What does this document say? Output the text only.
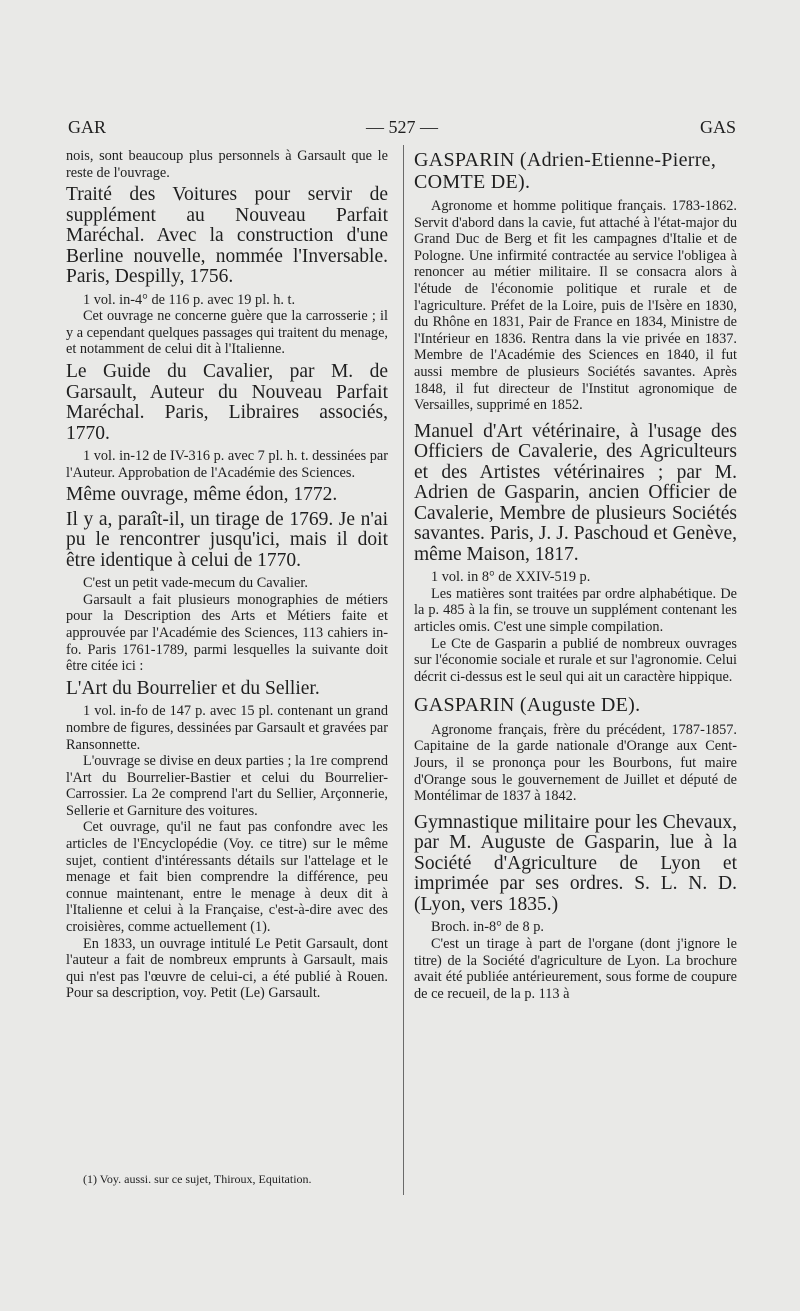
GAR	— 527 —	GAS

nois, sont beaucoup plus personnels à Garsault que le reste de l'ouvrage.

Traité des Voitures pour servir de supplément au Nouveau Parfait Maréchal. Avec la construction d'une Berline nouvelle, nommée l'Inversable. Paris, Despilly, 1756.

1 vol. in-4° de 116 p. avec 19 pl. h. t.

Cet ouvrage ne concerne guère que la carrosserie ; il y a cependant quelques passages qui traitent du menage, et notamment de celui dit à l'Italienne.

Le Guide du Cavalier, par M. de Garsault, Auteur du Nouveau Parfait Maréchal. Paris, Libraires associés, 1770.

1 vol. in-12 de IV-316 p. avec 7 pl. h. t. dessinées par l'Auteur. Approbation de l'Académie des Sciences.

Même ouvrage, même édon, 1772.
Il y a, paraît-il, un tirage de 1769. Je n'ai pu le rencontrer jusqu'ici, mais il doit être identique à celui de 1770.

C'est un petit vade-mecum du Cavalier.

Garsault a fait plusieurs monographies de métiers pour la Description des Arts et Métiers faite et approuvée par l'Académie des Sciences, 113 cahiers in-fo. Paris 1761-1789, parmi lesquelles la suivante doit être citée ici :

L'Art du Bourrelier et du Sellier.

1 vol. in-fo de 147 p. avec 15 pl. contenant un grand nombre de figures, dessinées par Garsault et gravées par Ransonnette.

L'ouvrage se divise en deux parties ; la 1re comprend l'Art du Bourrelier-Bastier et celui du Bourrelier-Carrossier. La 2e comprend l'art du Sellier, Arçonnerie, Sellerie et Garniture des voitures.

Cet ouvrage, qu'il ne faut pas confondre avec les articles de l'Encyclopédie (Voy. ce titre) sur le même sujet, contient d'intéressants détails sur l'attelage et le menage et fait bien comprendre la différence, peu connue maintenant, entre le menage à deux dit à l'Italienne et celui à la Française, c'est-à-dire avec des croisières, comme actuellement (1).

En 1833, un ouvrage intitulé Le Petit Garsault, dont l'auteur a fait de nombreux emprunts à Garsault, mais qui n'est pas l'œuvre de celui-ci, a été publié à Rouen. Pour sa description, voy. Petit (Le) Garsault.

(1) Voy. aussi. sur ce sujet, Thiroux, Equitation.
GASPARIN (Adrien-Etienne-Pierre, COMTE DE).

Agronome et homme politique français. 1783-1862. Servit d'abord dans la cavie, fut attaché à l'état-major du Grand Duc de Berg et fit les campagnes d'Italie et de Pologne. Une infirmité contractée au service l'obligea à renoncer au métier militaire. Il se consacra alors à l'étude de l'économie politique et rurale et de l'agriculture. Préfet de la Loire, puis de l'Isère en 1830, du Rhône en 1831, Pair de France en 1834, Ministre de l'Intérieur en 1836. Rentra dans la vie privée en 1837. Membre de l'Académie des Sciences en 1840, il fut aussi membre de plusieurs Sociétés savantes. Après 1848, il fut directeur de l'Institut agronomique de Versailles, supprimé en 1852.

Manuel d'Art vétérinaire, à l'usage des Officiers de Cavalerie, des Agriculteurs et des Artistes vétérinaires ; par M. Adrien de Gasparin, ancien Officier de Cavalerie, Membre de plusieurs Sociétés savantes. Paris, J. J. Paschoud et Genève, même Maison, 1817.

1 vol. in 8° de XXIV-519 p.

Les matières sont traitées par ordre alphabétique. De la p. 485 à la fin, se trouve un supplément contenant les articles omis. C'est une simple compilation.

Le Cte de Gasparin a publié de nombreux ouvrages sur l'économie sociale et rurale et sur l'agronomie. Celui décrit ci-dessus est le seul qui ait un caractère hippique.

GASPARIN (Auguste DE).

Agronome français, frère du précédent, 1787-1857. Capitaine de la garde nationale d'Orange aux Cent-Jours, il se prononça pour les Bourbons, fut maire d'Orange sous le gouvernement de Juillet et député de Montélimar de 1837 à 1842.

Gymnastique militaire pour les Chevaux, par M. Auguste de Gasparin, lue à la Société d'Agriculture de Lyon et imprimée par ses ordres. S. L. N. D. (Lyon, vers 1835.)

Broch. in-8° de 8 p.

C'est un tirage à part de l'organe (dont j'ignore le titre) de la Société d'agriculture de Lyon. La brochure avait été publiée antérieurement, sous forme de coupure de ce recueil, de la p. 113 à
